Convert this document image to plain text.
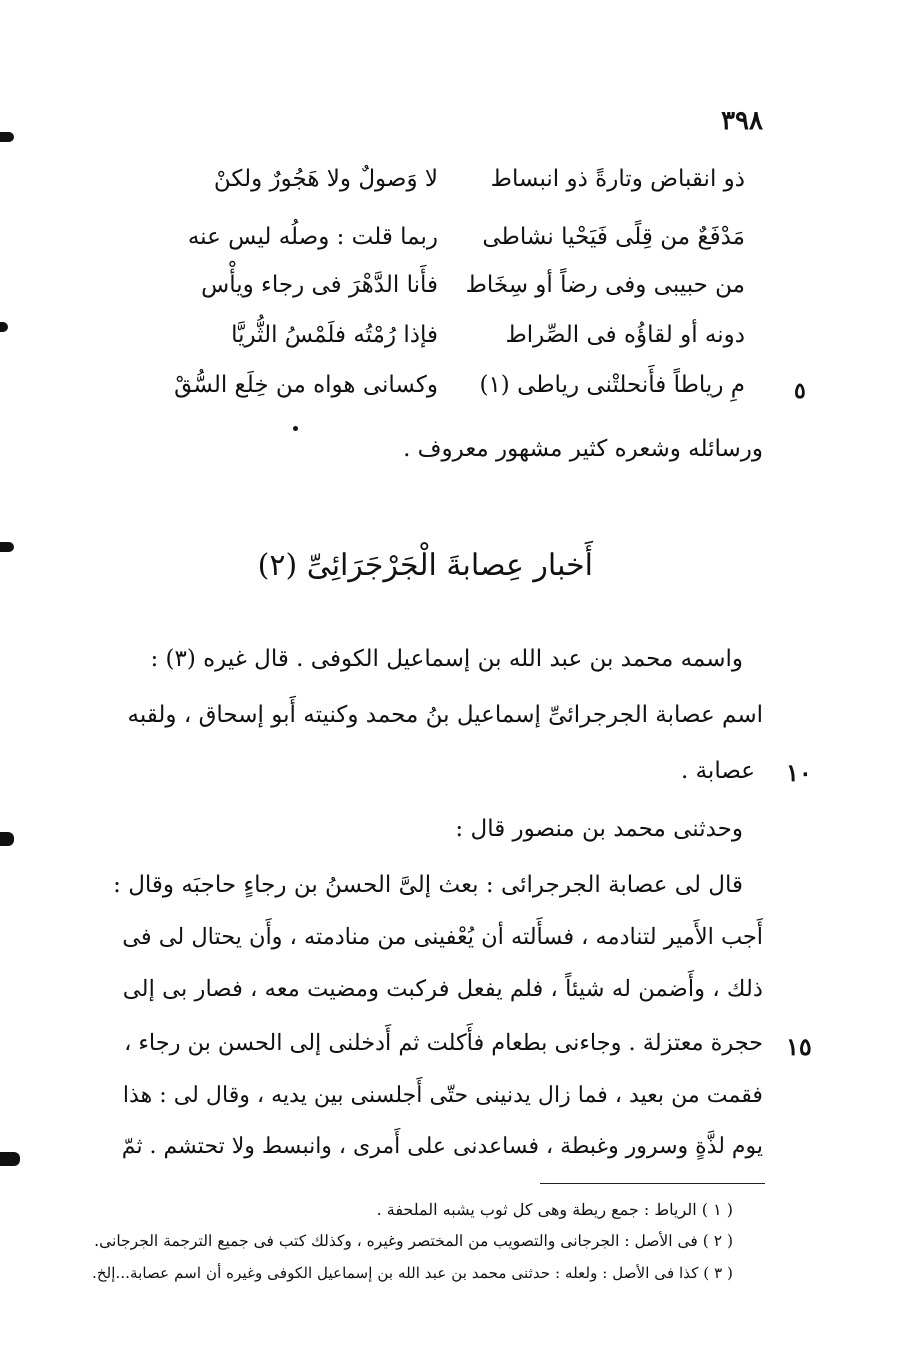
٣٩٨
لا وَصولٌ ولا هَجُورٌ ولكنْ ذو انقباض وتارةً ذو انبساط
ربما قلت : وصلُه ليس عنه مَدْفَعٌ من قِلًى فَيَحْيا نشاطى
فأَنا الدَّهْرَ فى رجاء ويأْس من حبيبى وفى رضاً أو سِخَاط
فإذا رُمْتُه فلَمْسُ الثُّريَّا	دونه أو لقاؤُه فى الصِّراط
وكسانى هواه من خِلَع السُّقْ مِ رياطاً فأَنحلتْنى رياطى (١) ٥
ورسائله وشعره كثير مشهور معروف .
أَخبار عِصابةَ الْجَرْجَرَائِىِّ (٢)
واسمه محمد بن عبد الله بن إسماعيل الكوفى . قال غيره (٣) :
اسم عصابة الجرجرائىِّ إسماعيل بنُ محمد وكنيته أَبو إسحاق ، ولقبه
عصابة . ١٠
وحدثنى محمد بن منصور قال :
قال لى عصابة الجرجرائى : بعث إلىَّ الحسنُ بن رجاءٍ حاجبَه وقال :
أَجب الأَمير لتنادمه ، فسأَلته أن يُعْفينى من منادمته ، وأَن يحتال لى فى
ذلك ، وأَضمن له شيئاً ، فلم يفعل فركبت ومضيت معه ، فصار بى إلى
حجرة معتزلة . وجاءنى بطعام فأَكلت ثم أَدخلنى إلى الحسن بن رجاء ، ١٥
فقمت من بعيد ، فما زال يدنينى حتّى أَجلسنى بين يديه ، وقال لى : هذا
يوم لذَّةٍ وسرور وغبطة ، فساعدنى على أَمرى ، وانبسط ولا تحتشم . ثمّ
( ١ ) الرياط : جمع ريطة وهى كل ثوب يشبه الملحفة .
( ٢ ) فى الأصل : الجرجانى والتصويب من المختصر وغيره ، وكذلك كتب فى جميع الترجمة الجرجانى.
( ٣ ) كذا فى الأصل : ولعله : حدثنى محمد بن عبد الله بن إسماعيل الكوفى وغيره أن اسم عصابة...إلخ.
